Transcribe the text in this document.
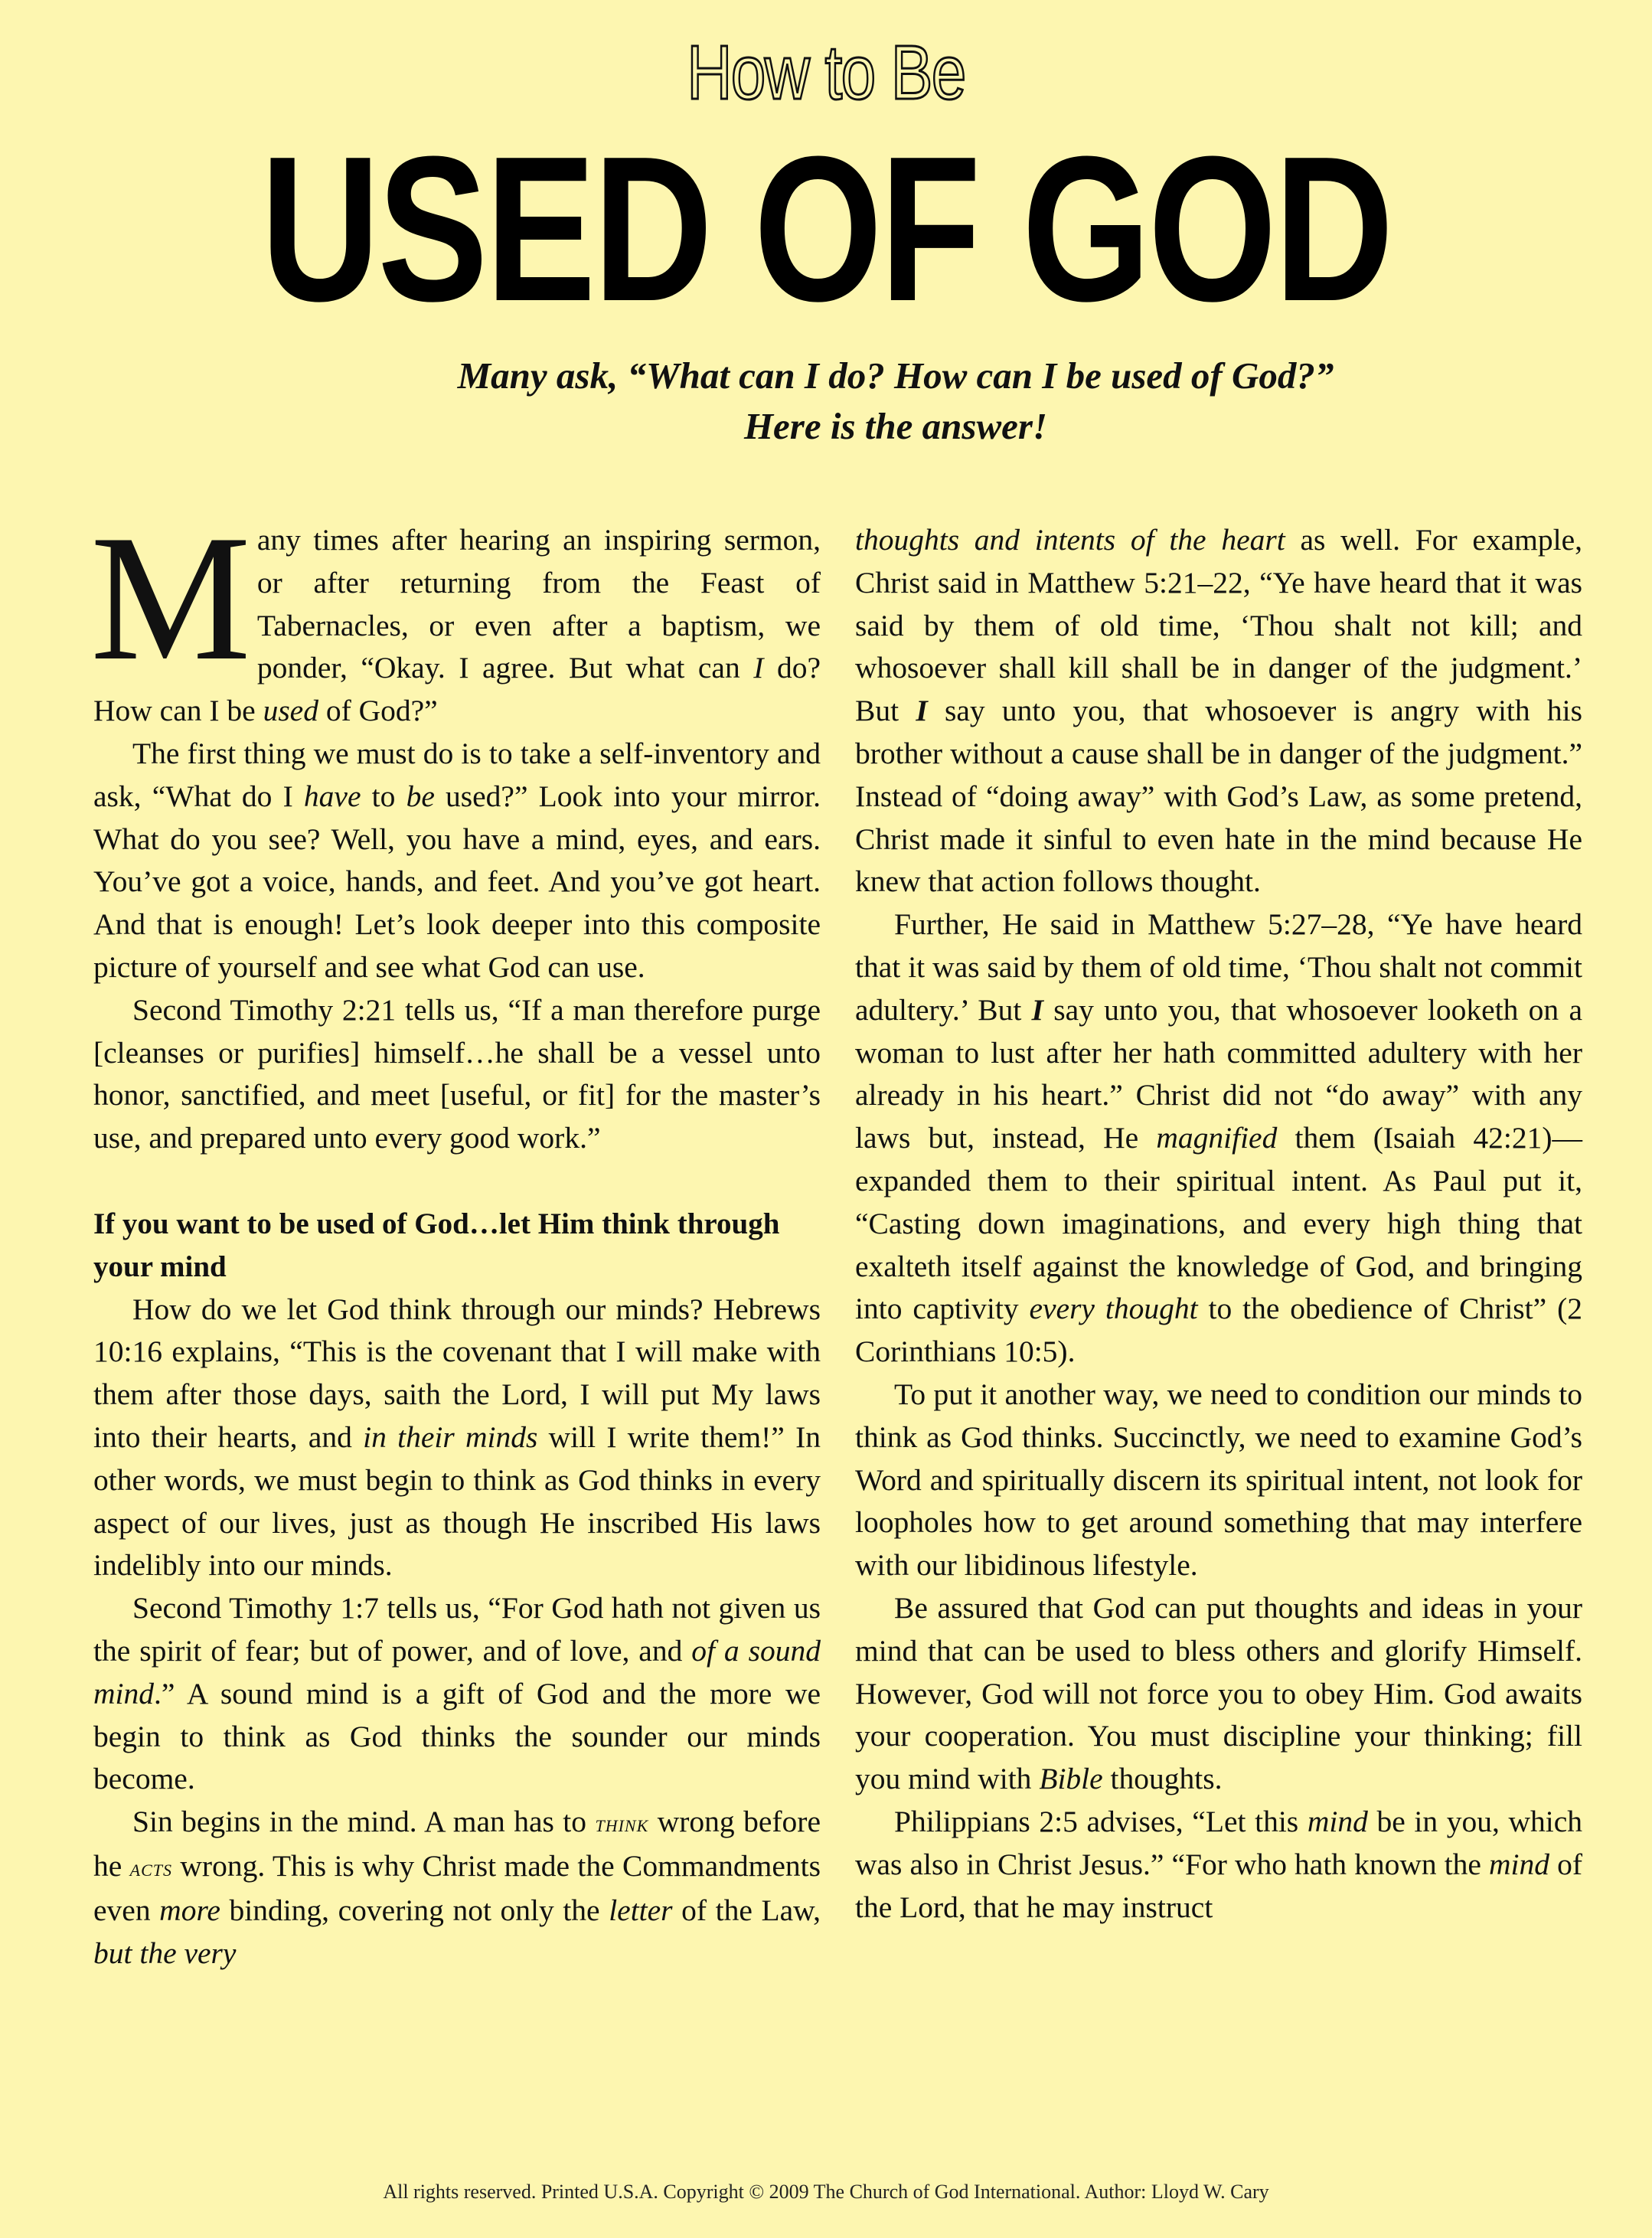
How to Be
USED OF GOD
Many ask, “What can I do? How can I be used of God?”
Here is the answer!

Many times after hearing an inspiring sermon, or after returning from the Feast of Tabernacles, or even after a baptism, we ponder, “Okay. I agree. But what can I do? How can I be used of God?”

The first thing we must do is to take a self-inventory and ask, “What do I have to be used?” Look into your mirror. What do you see? Well, you have a mind, eyes, and ears. You’ve got a voice, hands, and feet. And you’ve got heart. And that is enough! Let’s look deeper into this composite picture of yourself and see what God can use.

Second Timothy 2:21 tells us, “If a man therefore purge [cleanses or purifies] himself…he shall be a vessel unto honor, sanctified, and meet [useful, or fit] for the master’s use, and prepared unto every good work.”

If you want to be used of God…let Him think through your mind

How do we let God think through our minds? Hebrews 10:16 explains, “This is the covenant that I will make with them after those days, saith the Lord, I will put My laws into their hearts, and in their minds will I write them!” In other words, we must begin to think as God thinks in every aspect of our lives, just as though He inscribed His laws indelibly into our minds.

Second Timothy 1:7 tells us, “For God hath not given us the spirit of fear; but of power, and of love, and of a sound mind.” A sound mind is a gift of God and the more we begin to think as God thinks the sounder our minds become.

Sin begins in the mind. A man has to think wrong before he acts wrong. This is why Christ made the Commandments even more binding, covering not only the letter of the Law, but the very

thoughts and intents of the heart as well. For example, Christ said in Matthew 5:21–22, “Ye have heard that it was said by them of old time, ‘Thou shalt not kill; and whosoever shall kill shall be in danger of the judgment.’ But I say unto you, that whosoever is angry with his brother without a cause shall be in danger of the judgment.” Instead of “doing away” with God’s Law, as some pretend, Christ made it sinful to even hate in the mind because He knew that action follows thought.

Further, He said in Matthew 5:27–28, “Ye have heard that it was said by them of old time, ‘Thou shalt not commit adultery.’ But I say unto you, that whosoever looketh on a woman to lust after her hath committed adultery with her already in his heart.” Christ did not “do away” with any laws but, instead, He magnified them (Isaiah 42:21)—expanded them to their spiritual intent. As Paul put it, “Casting down imaginations, and every high thing that exalteth itself against the knowledge of God, and bringing into captivity every thought to the obedience of Christ” (2 Corinthians 10:5).

To put it another way, we need to condition our minds to think as God thinks. Succinctly, we need to examine God’s Word and spiritually discern its spiritual intent, not look for loopholes how to get around something that may interfere with our libidinous lifestyle.

Be assured that God can put thoughts and ideas in your mind that can be used to bless others and glorify Himself. However, God will not force you to obey Him. God awaits your cooperation. You must discipline your thinking; fill you mind with Bible thoughts.

Philippians 2:5 advises, “Let this mind be in you, which was also in Christ Jesus.” “For who hath known the mind of the Lord, that he may instruct

All rights reserved. Printed U.S.A. Copyright © 2009 The Church of God International. Author: Lloyd W. Cary
